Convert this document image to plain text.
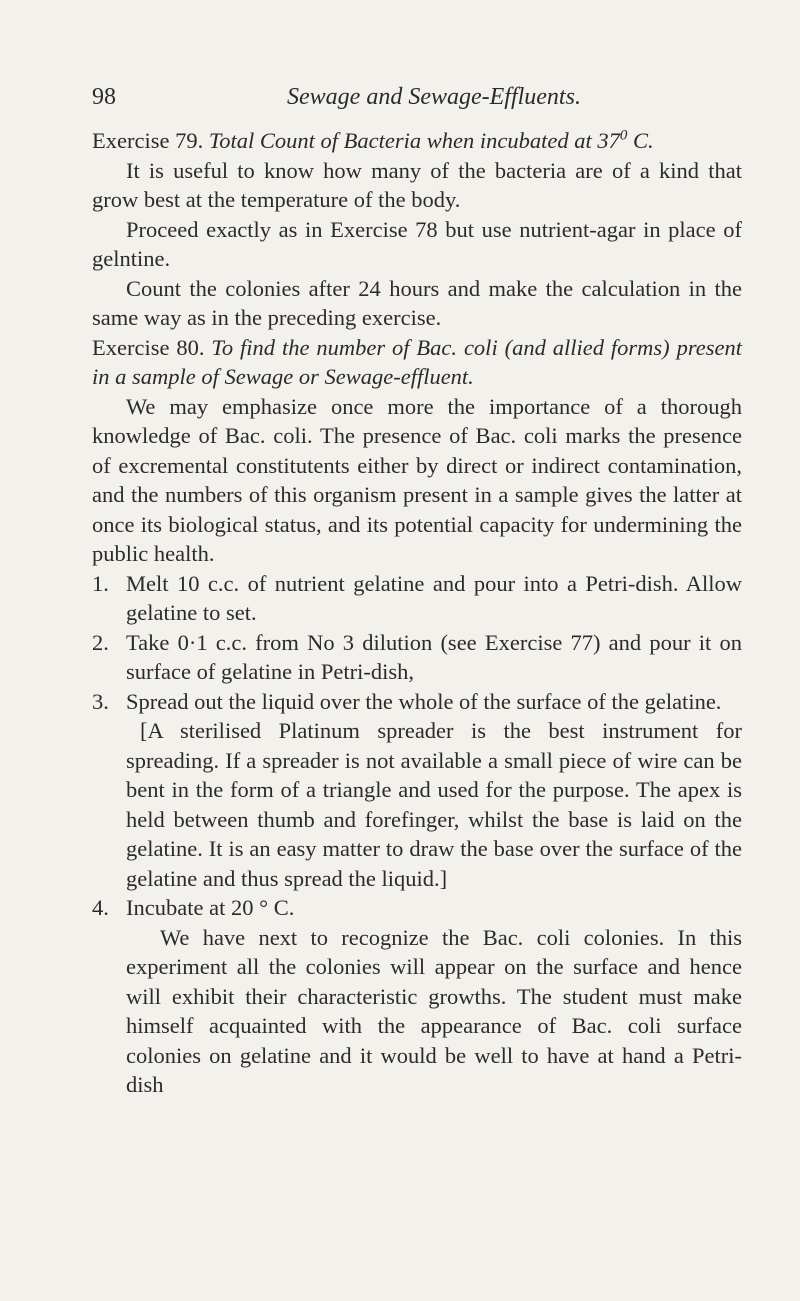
98	Sewage and Sewage-Effluents.

Exercise 79. Total Count of Bacteria when incubated at $37^0$ C.

It is useful to know how many of the bacteria are of a kind that grow best at the temperature of the body.

Proceed exactly as in Exercise 78 but use nutrient-agar in place of gelntine.

Count the colonies after 24 hours and make the calculation in the same way as in the preceding exercise.

Exercise 80. To find the number of Bac. coli (and allied forms) present in a sample of Sewage or Sewage-effluent.

We may emphasize once more the importance of a thorough knowledge of Bac. coli. The presence of Bac. coli marks the presence of excremental constitutents either by direct or indirect contamination, and the numbers of this organism present in a sample gives the latter at once its biological status, and its potential capacity for undermining the public health.

1. Melt 10 c.c. of nutrient gelatine and pour into a Petri-dish. Allow gelatine to set.
2. Take 0·1 c.c. from No 3 dilution (see Exercise 77) and pour it on surface of gelatine in Petri-dish,
3. Spread out the liquid over the whole of the surface of the gelatine.

[A sterilised Platinum spreader is the best instrument for spreading. If a spreader is not available a small piece of wire can be bent in the form of a triangle and used for the purpose. The apex is held between thumb and forefinger, whilst the base is laid on the gelatine. It is an easy matter to draw the base over the surface of the gelatine and thus spread the liquid.]

4. Incubate at 20 ° C.

We have next to recognize the Bac. coli colonies. In this experiment all the colonies will appear on the surface and hence will exhibit their characteristic growths. The student must make himself acquainted with the appearance of Bac. coli surface colonies on gelatine and it would be well to have at hand a Petri-dish
